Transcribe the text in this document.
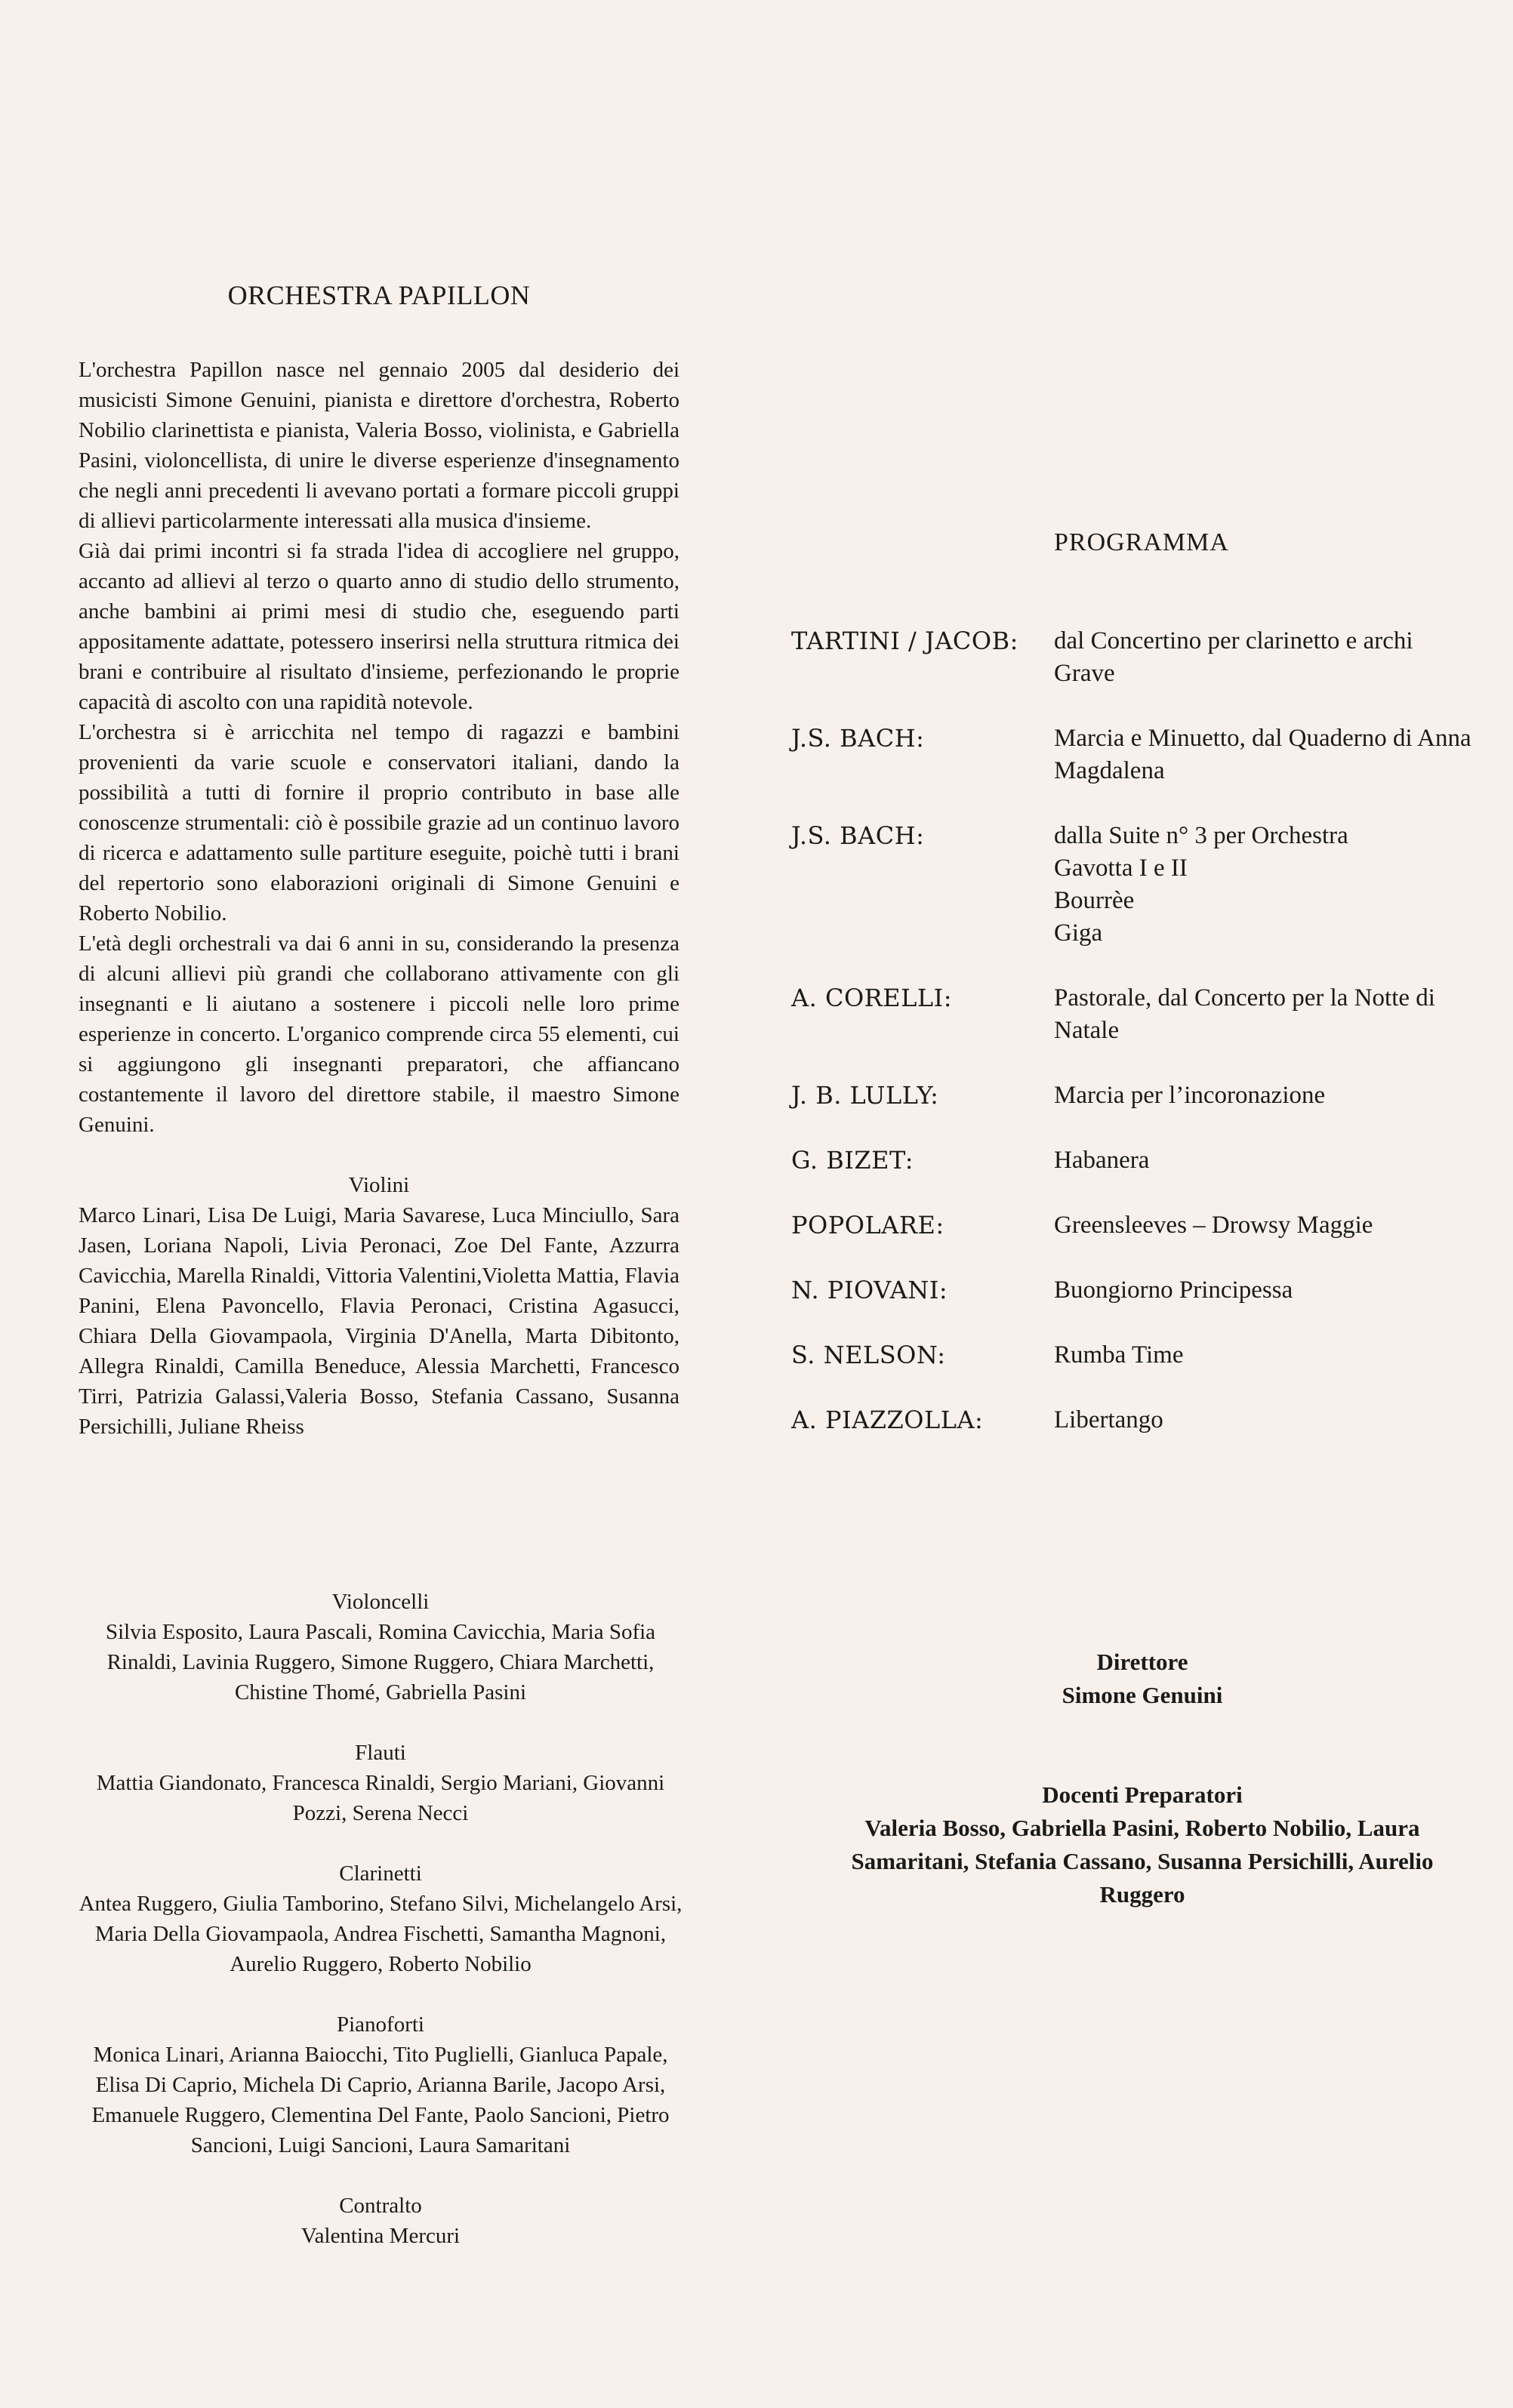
ORCHESTRA PAPILLON

L'orchestra Papillon nasce nel gennaio 2005 dal desiderio dei musicisti Simone Genuini, pianista e direttore d'orchestra, Roberto Nobilio clarinettista e pianista, Valeria Bosso, violinista, e Gabriella Pasini, violoncellista, di unire le diverse esperienze d'insegnamento che negli anni precedenti li avevano portati a formare piccoli gruppi di allievi particolarmente interessati alla musica d'insieme.

Già dai primi incontri si fa strada l'idea di accogliere nel gruppo, accanto ad allievi al terzo o quarto anno di studio dello strumento, anche bambini ai primi mesi di studio che, eseguendo parti appositamente adattate, potessero inserirsi nella struttura ritmica dei brani e contribuire al risultato d'insieme, perfezionando le proprie capacità di ascolto con una rapidità notevole.

L'orchestra si è arricchita nel tempo di ragazzi e bambini provenienti da varie scuole e conservatori italiani, dando la possibilità a tutti di fornire il proprio contributo in base alle conoscenze strumentali: ciò è possibile grazie ad un continuo lavoro di ricerca e adattamento sulle partiture eseguite, poichè tutti i brani del repertorio sono elaborazioni originali di Simone Genuini e Roberto Nobilio.

L'età degli orchestrali va dai 6 anni in su, considerando la presenza di alcuni allievi più grandi che collaborano attivamente con gli insegnanti e li aiutano a sostenere i piccoli nelle loro prime esperienze in concerto. L'organico comprende circa 55 elementi, cui si aggiungono gli insegnanti preparatori, che affiancano costantemente il lavoro del direttore stabile, il maestro Simone Genuini.

Violini
Marco Linari, Lisa De Luigi, Maria Savarese, Luca Minciullo, Sara Jasen, Loriana Napoli, Livia Peronaci, Zoe Del Fante, Azzurra Cavicchia, Marella Rinaldi, Vittoria Valentini,Violetta Mattia, Flavia Panini, Elena Pavoncello, Flavia Peronaci, Cristina Agasucci, Chiara Della Giovampaola, Virginia D'Anella, Marta Dibitonto, Allegra Rinaldi, Camilla Beneduce, Alessia Marchetti, Francesco Tirri, Patrizia Galassi,Valeria Bosso, Stefania Cassano, Susanna Persichilli, Juliane Rheiss
Violoncelli
Silvia Esposito, Laura Pascali, Romina Cavicchia, Maria Sofia Rinaldi, Lavinia Ruggero, Simone Ruggero, Chiara Marchetti, Chistine Thomé, Gabriella Pasini
Flauti
Mattia Giandonato, Francesca Rinaldi, Sergio Mariani, Giovanni Pozzi, Serena Necci
Clarinetti
Antea Ruggero, Giulia Tamborino, Stefano Silvi, Michelangelo Arsi, Maria Della Giovampaola, Andrea Fischetti, Samantha Magnoni, Aurelio Ruggero, Roberto Nobilio
Pianoforti
Monica Linari, Arianna Baiocchi, Tito Puglielli, Gianluca Papale, Elisa Di Caprio, Michela Di Caprio, Arianna Barile, Jacopo Arsi, Emanuele Ruggero, Clementina Del Fante, Paolo Sancioni, Pietro Sancioni, Luigi Sancioni, Laura Samaritani
Contralto
Valentina Mercuri
PROGRAMMA
TARTINI / JACOB:	dal Concertino per clarinetto e archi
Grave
J.S. BACH:	Marcia e Minuetto, dal Quaderno di Anna Magdalena
J.S. BACH:	dalla Suite n° 3 per Orchestra
Gavotta I e II
Bourrèe
Giga
A. CORELLI:	Pastorale, dal Concerto per la Notte di Natale
J. B. LULLY:	Marcia per l’incoronazione
G. BIZET:	Habanera
POPOLARE:	Greensleeves – Drowsy Maggie
N. PIOVANI:	Buongiorno Principessa
S. NELSON:	Rumba Time
A. PIAZZOLLA:	Libertango
Direttore
Simone Genuini
Docenti Preparatori
Valeria Bosso, Gabriella Pasini, Roberto Nobilio, Laura Samaritani, Stefania Cassano, Susanna Persichilli, Aurelio Ruggero
